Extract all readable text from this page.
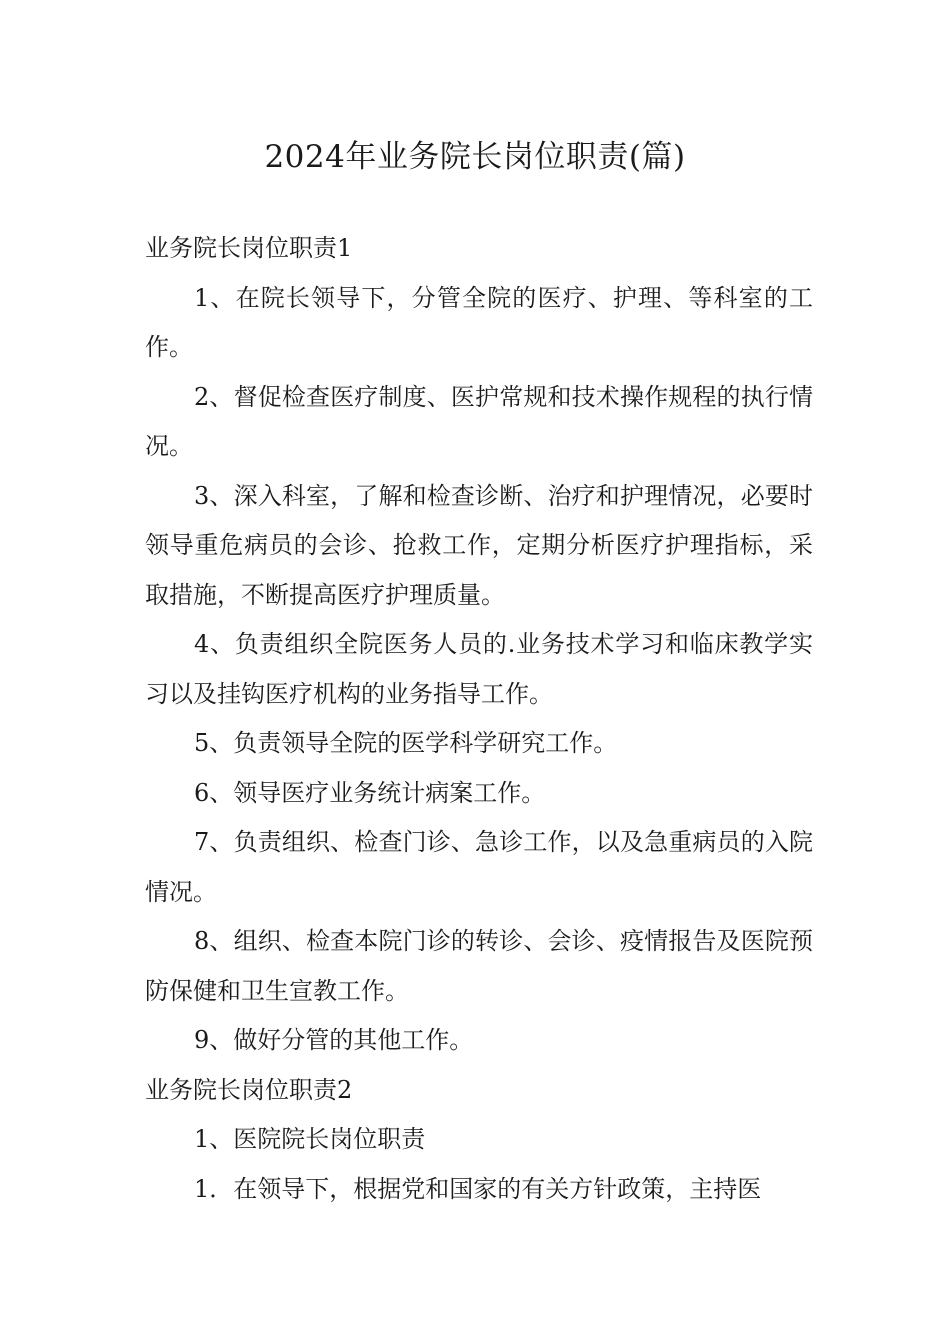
2024年业务院长岗位职责(篇)

业务院长岗位职责1

1、在院长领导下，分管全院的医疗、护理、等科室的工作。

2、督促检查医疗制度、医护常规和技术操作规程的执行情况。

3、深入科室，了解和检查诊断、治疗和护理情况，必要时领导重危病员的会诊、抢救工作，定期分析医疗护理指标，采取措施，不断提高医疗护理质量。

4、负责组织全院医务人员的.业务技术学习和临床教学实习以及挂钩医疗机构的业务指导工作。

5、负责领导全院的医学科学研究工作。

6、领导医疗业务统计病案工作。

7、负责组织、检查门诊、急诊工作，以及急重病员的入院情况。

8、组织、检查本院门诊的转诊、会诊、疫情报告及医院预防保健和卫生宣教工作。

9、做好分管的其他工作。

业务院长岗位职责2

1、医院院长岗位职责

1．在领导下，根据党和国家的有关方针政策，主持医
